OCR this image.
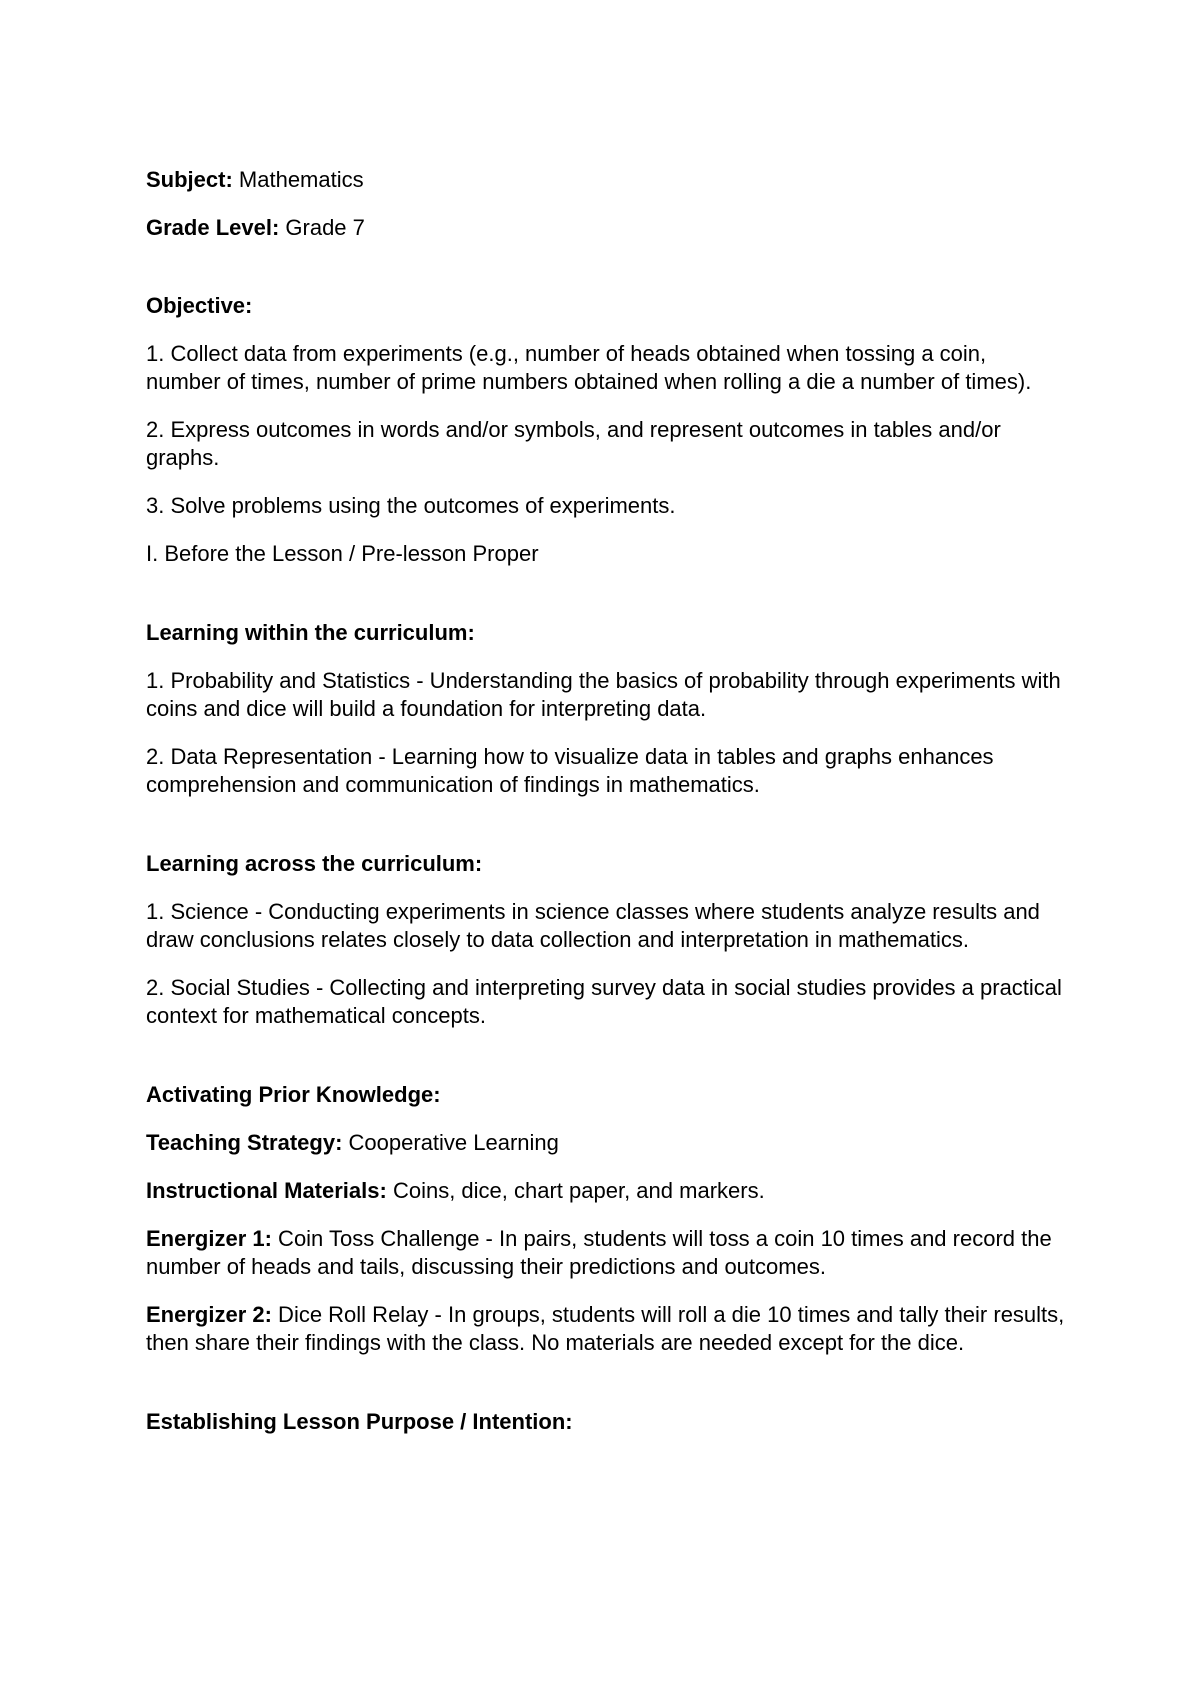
Subject: Mathematics

Grade Level: Grade 7

Objective:

1. Collect data from experiments (e.g., number of heads obtained when tossing a coin, number of times, number of prime numbers obtained when rolling a die a number of times).

2. Express outcomes in words and/or symbols, and represent outcomes in tables and/or graphs.

3. Solve problems using the outcomes of experiments.

I. Before the Lesson / Pre-lesson Proper

Learning within the curriculum:

1. Probability and Statistics - Understanding the basics of probability through experiments with coins and dice will build a foundation for interpreting data.

2. Data Representation - Learning how to visualize data in tables and graphs enhances comprehension and communication of findings in mathematics.

Learning across the curriculum:

1. Science - Conducting experiments in science classes where students analyze results and draw conclusions relates closely to data collection and interpretation in mathematics.

2. Social Studies - Collecting and interpreting survey data in social studies provides a practical context for mathematical concepts.

Activating Prior Knowledge:

Teaching Strategy: Cooperative Learning

Instructional Materials: Coins, dice, chart paper, and markers.

Energizer 1: Coin Toss Challenge - In pairs, students will toss a coin 10 times and record the number of heads and tails, discussing their predictions and outcomes.

Energizer 2: Dice Roll Relay - In groups, students will roll a die 10 times and tally their results, then share their findings with the class. No materials are needed except for the dice.

Establishing Lesson Purpose / Intention:
